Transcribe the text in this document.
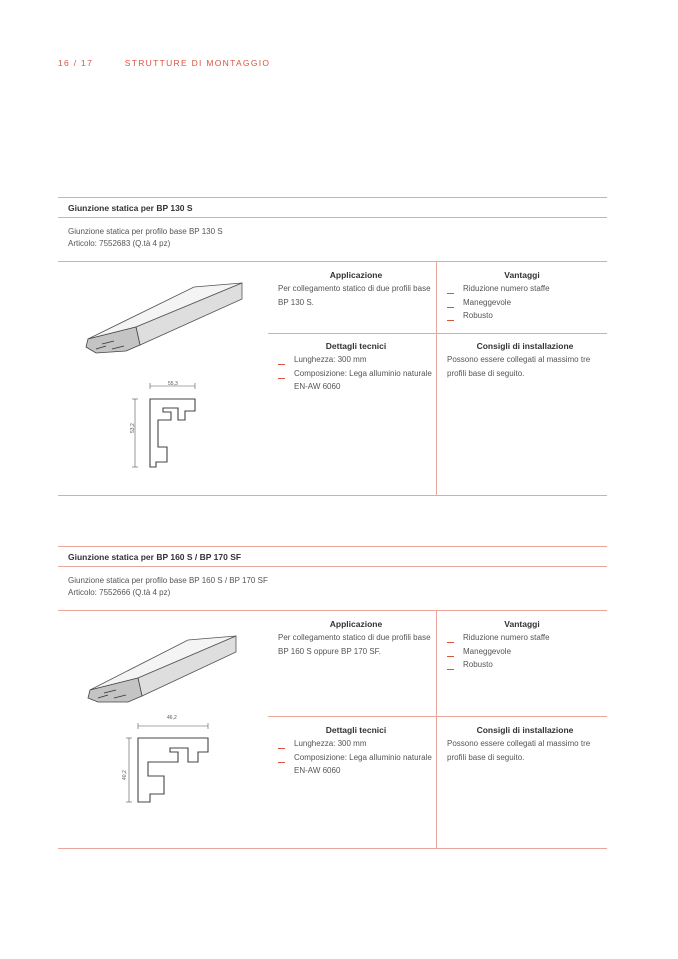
16 / 17	STRUTTURE DI MONTAGGIO
Giunzione statica per BP 130 S
Giunzione statica per profilo base BP 130 S
Articolo: 7552683 (Q.tà 4 pz)
55,3
53,2
Applicazione

Per collegamento statico di due profili base BP 130 S.

Vantaggi
Riduzione numero staffe
Maneggevole
Robusto
Dettagli tecnici
Lunghezza: 300 mm
Composizione: Lega alluminio naturale EN-AW 6060
Consigli di installazione

Possono essere collegati al massimo tre profili base di seguito.

Giunzione statica per BP 160 S / BP 170 SF
Giunzione statica per profilo base BP 160 S / BP 170 SF
Articolo: 7552666 (Q.tà 4 pz)
46,2
40,2
Applicazione

Per collegamento statico di due profili base BP 160 S oppure BP 170 SF.

Vantaggi
Riduzione numero staffe
Maneggevole
Robusto
Dettagli tecnici
Lunghezza: 300 mm
Composizione: Lega alluminio naturale EN-AW 6060
Consigli di installazione

Possono essere collegati al massimo tre profili base di seguito.
